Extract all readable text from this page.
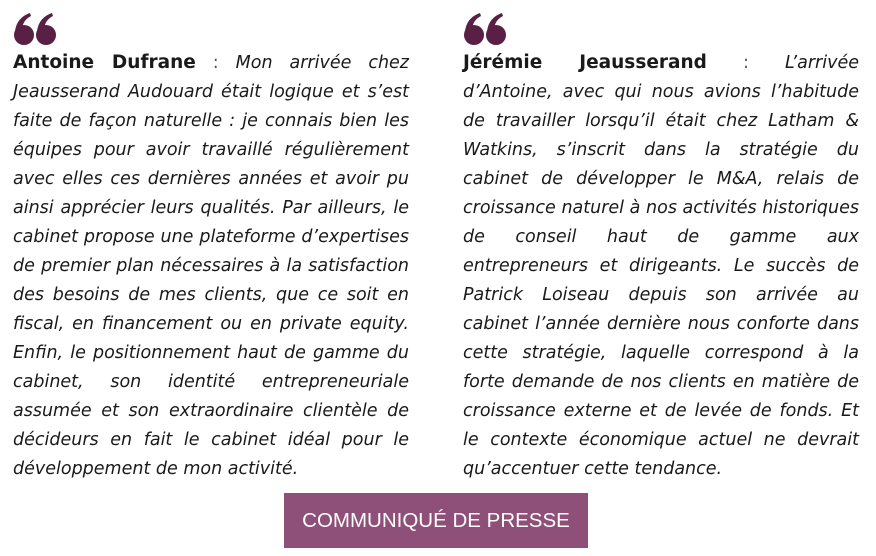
Antoine Dufrane : Mon arrivée chez Jeausserand Audouard était logique et s’est faite de façon naturelle : je connais bien les équipes pour avoir travaillé régulièrement avec elles ces dernières années et avoir pu ainsi apprécier leurs qualités. Par ailleurs, le cabinet propose une plateforme d’expertises de premier plan nécessaires à la satisfaction des besoins de mes clients, que ce soit en fiscal, en financement ou en private equity. Enfin, le positionnement haut de gamme du cabinet, son identité entrepreneuriale assumée et son extraordinaire clientèle de décideurs en fait le cabinet idéal pour le développement de mon activité.

Jérémie Jeausserand : L’arrivée d’Antoine, avec qui nous avions l’habitude de travailler lorsqu’il était chez Latham & Watkins, s’inscrit dans la stratégie du cabinet de développer le M&A, relais de croissance naturel à nos activités historiques de conseil haut de gamme aux entrepreneurs et dirigeants. Le succès de Patrick Loiseau depuis son arrivée au cabinet l’année dernière nous conforte dans cette stratégie, laquelle correspond à la forte demande de nos clients en matière de croissance externe et de levée de fonds. Et le contexte économique actuel ne devrait qu’accentuer cette tendance.

COMMUNIQUÉ DE PRESSE
